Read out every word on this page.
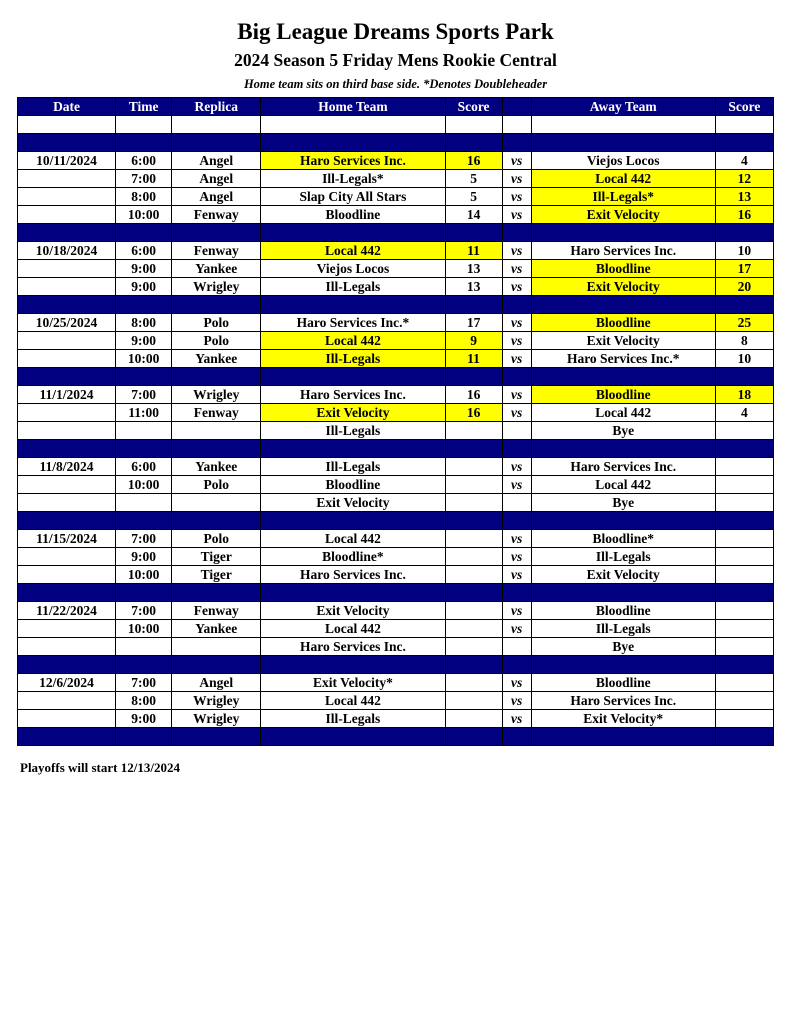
Big League Dreams Sports Park
2024 Season 5 Friday Mens Rookie Central
Home team sits on third base side. *Denotes Doubleheader
Date	Time	Replica	Home Team	Score		Away Team	Score

10/11/2024	6:00	Angel	Haro Services Inc.	16	vs	Viejos Locos	4
	7:00	Angel	Ill-Legals*	5	vs	Local 442	12
	8:00	Angel	Slap City All Stars	5	vs	Ill-Legals*	13
	10:00	Fenway	Bloodline	14	vs	Exit Velocity	16

10/18/2024	6:00	Fenway	Local 442	11	vs	Haro Services Inc.	10
	9:00	Yankee	Viejos Locos	13	vs	Bloodline	17
	9:00	Wrigley	Ill-Legals	13	vs	Exit Velocity	20

10/25/2024	8:00	Polo	Haro Services Inc.*	17	vs	Bloodline	25
	9:00	Polo	Local 442	9	vs	Exit Velocity	8
	10:00	Yankee	Ill-Legals	11	vs	Haro Services Inc.*	10

11/1/2024	7:00	Wrigley	Haro Services Inc.	16	vs	Bloodline	18
	11:00	Fenway	Exit Velocity	16	vs	Local 442	4
			Ill-Legals			Bye	

11/8/2024	6:00	Yankee	Ill-Legals		vs	Haro Services Inc.	
	10:00	Polo	Bloodline		vs	Local 442	
			Exit Velocity			Bye	

11/15/2024	7:00	Polo	Local 442		vs	Bloodline*	
	9:00	Tiger	Bloodline*		vs	Ill-Legals	
	10:00	Tiger	Haro Services Inc.		vs	Exit Velocity	

11/22/2024	7:00	Fenway	Exit Velocity		vs	Bloodline	
	10:00	Yankee	Local 442		vs	Ill-Legals	
			Haro Services Inc.			Bye	

12/6/2024	7:00	Angel	Exit Velocity*		vs	Bloodline	
	8:00	Wrigley	Local 442		vs	Haro Services Inc.	
	9:00	Wrigley	Ill-Legals		vs	Exit Velocity*	

Playoffs will start 12/13/2024
